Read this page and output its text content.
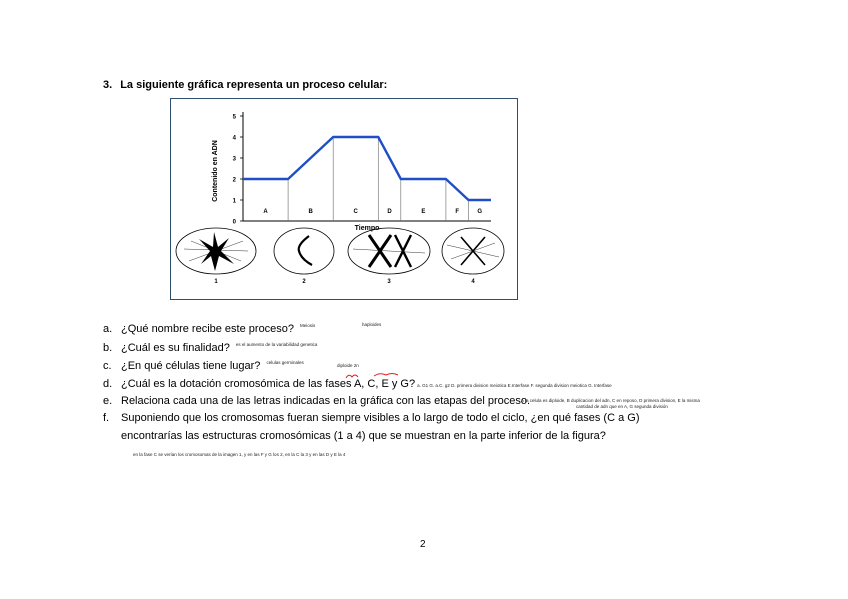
3. La siguiente gráfica representa un proceso celular:
0
1
2
3
4
5
A	B	C	D	E	F	G
Contenido en ADN
Tiempo
1	2	3	4
a. ¿Qué nombre recibe este proceso? $^{Meiosis}$	haploides
b. ¿Cuál es su finalidad? $^{es el aumento de la variabilidad genetica}$
c. ¿En qué células tiene lugar? $^{celulas germinales}$
diploide 2n
d. ¿Cuál es la dotación cromosómica de las fases A, C, E y G? a. G1 G. a.C. g2 D. primera division meiotica E.Interfase F. segunda division meiotica G. Interfase
e. Relaciona cada una de las letras indicadas en la gráfica con las etapas del proceso.
A la celula es diploide, B duplicacion del adn, C en reposo, D primera division, E la misma
cantidad de adn que en A, G segunda división
f. Suponiendo que los cromosomas fueran siempre visibles a lo largo de todo el ciclo, ¿en qué fases (C a G)
encontrarías las estructuras cromosómicas (1 a 4) que se muestran en la parte inferior de la figura?
en la fase C se verían los cromosomas de la imagen 1, y en las F y G los 2, en la C la 3 y en las D y E la 4
2
